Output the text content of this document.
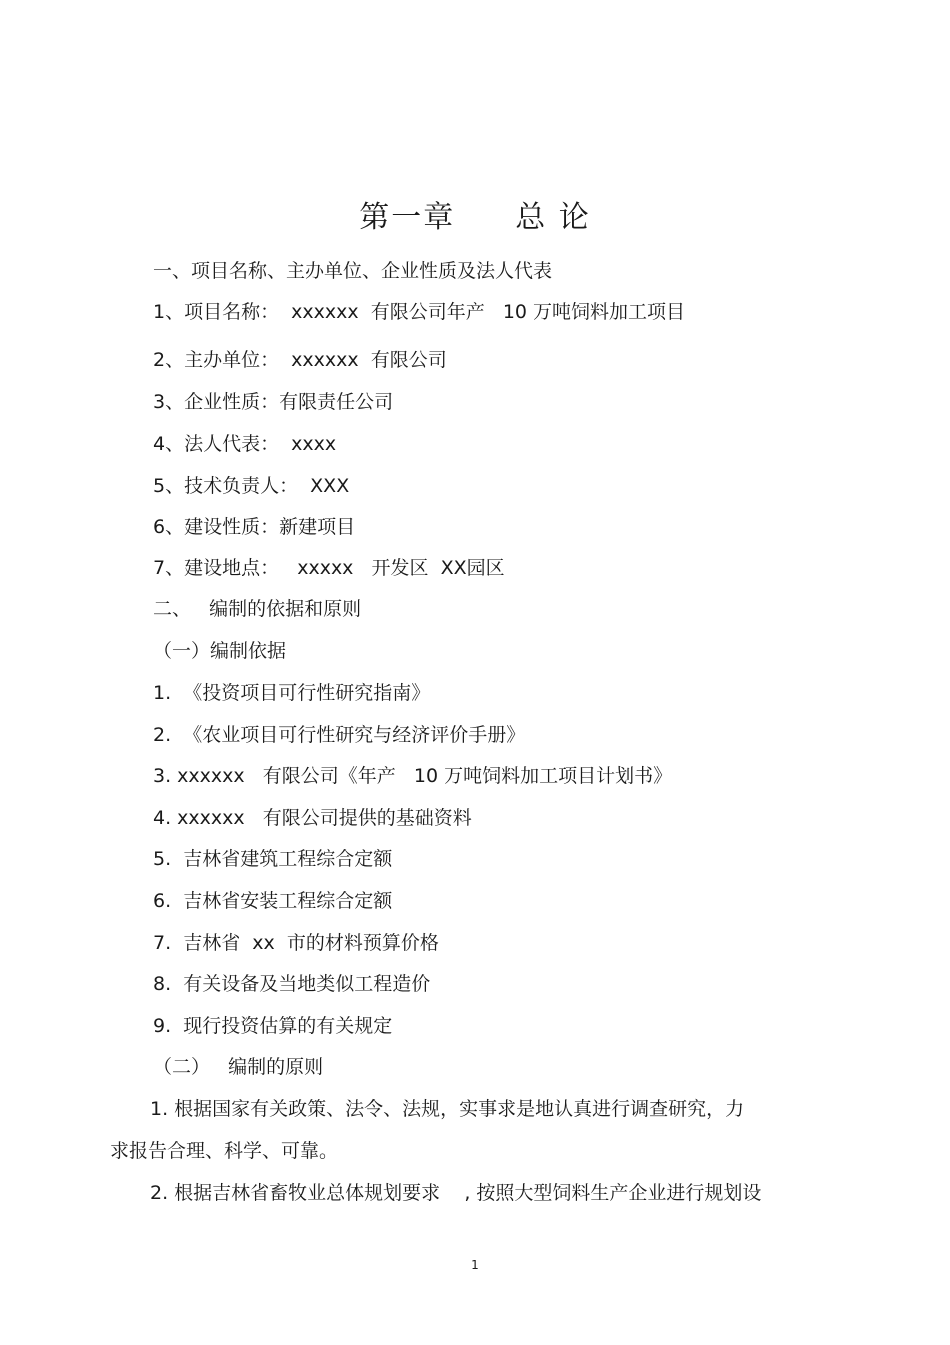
第一章 总 论
一、项目名称、主办单位、企业性质及法人代表
1、项目名称：  xxxxxx  有限公司年产   10 万吨饲料加工项目
2、主办单位：  xxxxxx  有限公司
3、企业性质：有限责任公司
4、法人代表：  xxxx
5、技术负责人：  XXX
6、建设性质：新建项目
7、建设地点：   xxxxx   开发区  XX园区
二、   编制的依据和原则
（一）编制依据
1.  《投资项目可行性研究指南》
2.  《农业项目可行性研究与经济评价手册》
3. xxxxxx   有限公司《年产   10 万吨饲料加工项目计划书》
4. xxxxxx   有限公司提供的基础资料
5.  吉林省建筑工程综合定额
6.  吉林省安装工程综合定额
7.  吉林省  xx  市的材料预算价格
8.  有关设备及当地类似工程造价
9.  现行投资估算的有关规定
（二）   编制的原则
1. 根据国家有关政策、法令、法规，实事求是地认真进行调查研究，力
求报告合理、科学、可靠。
2. 根据吉林省畜牧业总体规划要求    , 按照大型饲料生产企业进行规划设
1
